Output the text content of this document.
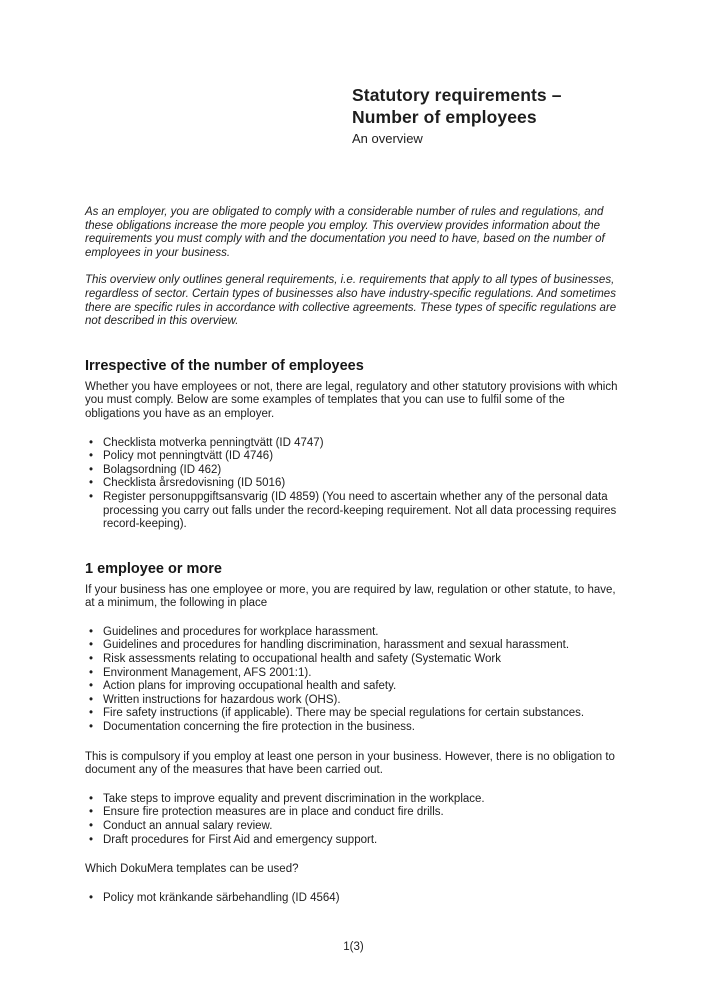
Statutory requirements –
Number of employees
An overview

As an employer, you are obligated to comply with a considerable number of rules and regulations, and these obligations increase the more people you employ. This overview provides information about the requirements you must comply with and the documentation you need to have, based on the number of employees in your business.

This overview only outlines general requirements, i.e. requirements that apply to all types of businesses, regardless of sector. Certain types of businesses also have industry-specific regulations. And sometimes there are specific rules in accordance with collective agreements. These types of specific regulations are not described in this overview.

Irrespective of the number of employees

Whether you have employees or not, there are legal, regulatory and other statutory provisions with which you must comply. Below are some examples of templates that you can use to fulfil some of the obligations you have as an employer.

• Checklista motverka penningtvätt (ID 4747)
• Policy mot penningtvätt (ID 4746)
• Bolagsordning (ID 462)
• Checklista årsredovisning (ID 5016)
• Register personuppgiftsansvarig (ID 4859) (You need to ascertain whether any of the personal data processing you carry out falls under the record-keeping requirement. Not all data processing requires record-keeping).
1 employee or more

If your business has one employee or more, you are required by law, regulation or other statute, to have, at a minimum, the following in place

• Guidelines and procedures for workplace harassment.
• Guidelines and procedures for handling discrimination, harassment and sexual harassment.
• Risk assessments relating to occupational health and safety (Systematic Work
• Environment Management, AFS 2001:1).
• Action plans for improving occupational health and safety.
• Written instructions for hazardous work (OHS).
• Fire safety instructions (if applicable). There may be special regulations for certain substances.
• Documentation concerning the fire protection in the business.

This is compulsory if you employ at least one person in your business. However, there is no obligation to document any of the measures that have been carried out.

• Take steps to improve equality and prevent discrimination in the workplace.
• Ensure fire protection measures are in place and conduct fire drills.
• Conduct an annual salary review.
• Draft procedures for First Aid and emergency support.

Which DokuMera templates can be used?

• Policy mot kränkande särbehandling (ID 4564)
1(3)
